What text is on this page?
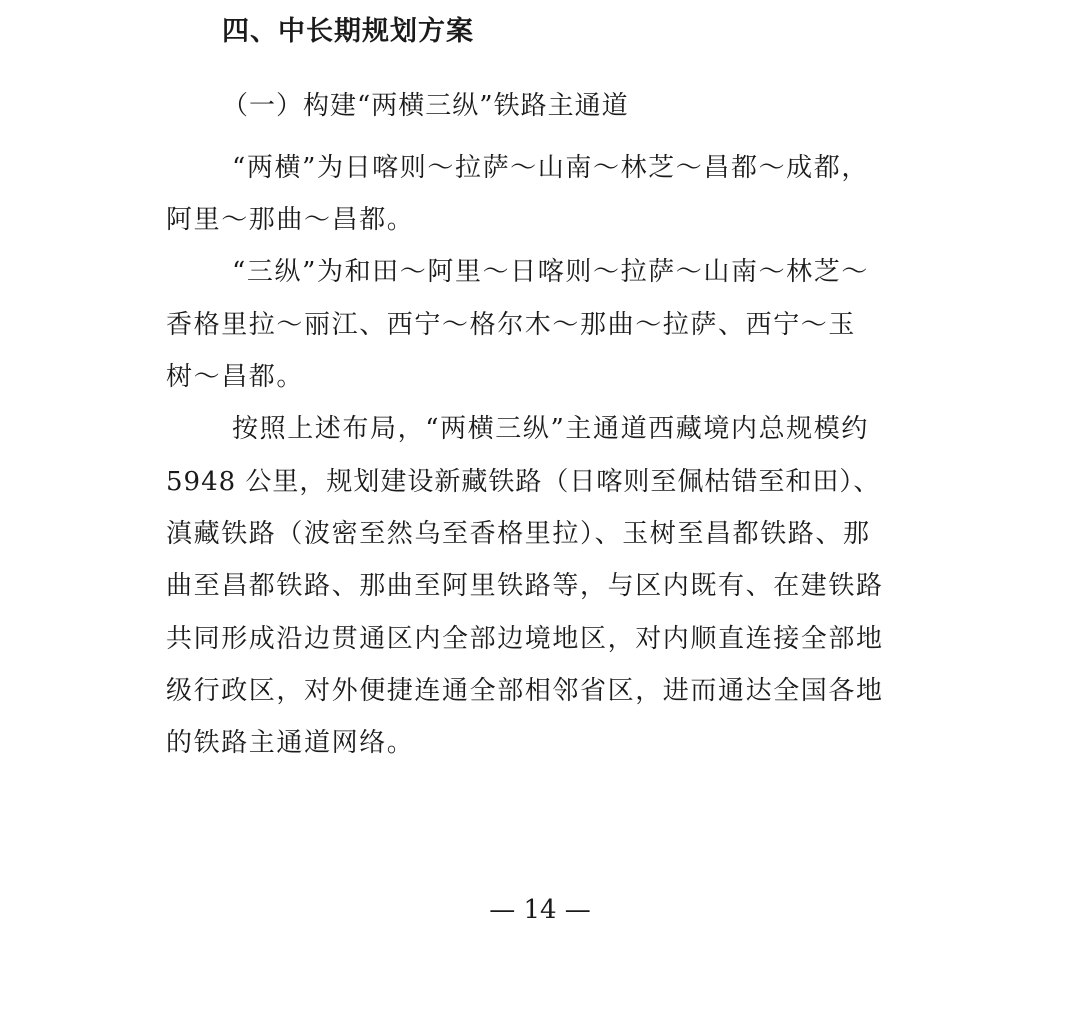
四、中长期规划方案
（一）构建“两横三纵”铁路主通道
“两横”为日喀则～拉萨～山南～林芝～昌都～成都，
阿里～那曲～昌都。
“三纵”为和田～阿里～日喀则～拉萨～山南～林芝～
香格里拉～丽江、西宁～格尔木～那曲～拉萨、西宁～玉
树～昌都。
按照上述布局，“两横三纵”主通道西藏境内总规模约
5948 公里，规划建设新藏铁路（日喀则至佩枯错至和田）、
滇藏铁路（波密至然乌至香格里拉）、玉树至昌都铁路、那
曲至昌都铁路、那曲至阿里铁路等，与区内既有、在建铁路
共同形成沿边贯通区内全部边境地区，对内顺直连接全部地
级行政区，对外便捷连通全部相邻省区，进而通达全国各地
的铁路主通道网络。
— 14 —
